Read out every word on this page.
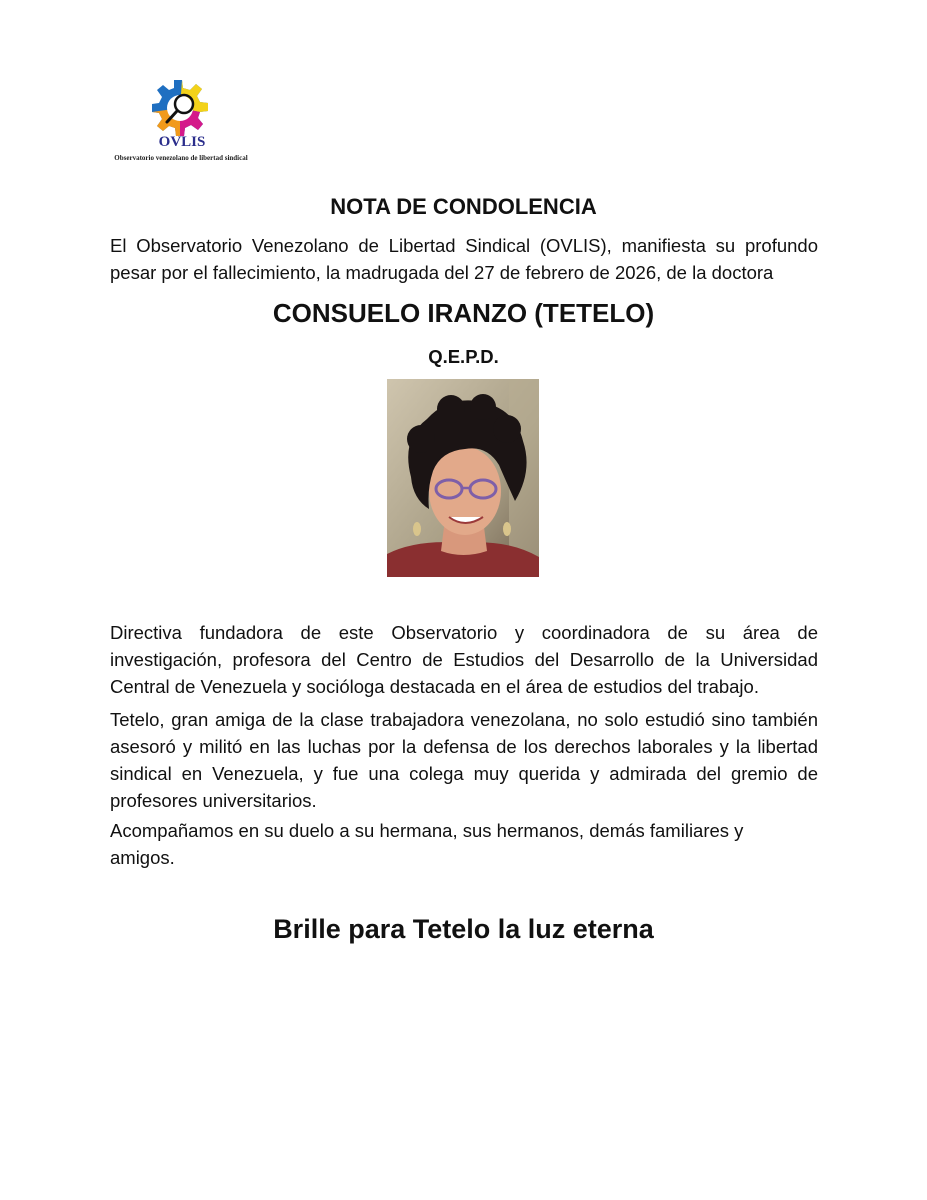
OVLIS
Observatorio venezolano de libertad sindical
NOTA DE CONDOLENCIA
El Observatorio Venezolano de Libertad Sindical (OVLIS), manifiesta su profundo
pesar por el fallecimiento, la madrugada del 27 de febrero de 2026, de la doctora
CONSUELO IRANZO (TETELO)
Q.E.P.D.
Directiva fundadora de este Observatorio y coordinadora de su área de
investigación, profesora del Centro de Estudios del Desarrollo de la Universidad
Central de Venezuela y socióloga destacada en el área de estudios del trabajo.
Tetelo, gran amiga de la clase trabajadora venezolana, no solo estudió sino también
asesoró y militó en las luchas por la defensa de los derechos laborales y la libertad
sindical en Venezuela, y fue una colega muy querida y admirada del gremio de
profesores universitarios.
Acompañamos en su duelo a su hermana, sus hermanos, demás familiares y
amigos.
Brille para Tetelo la luz eterna
